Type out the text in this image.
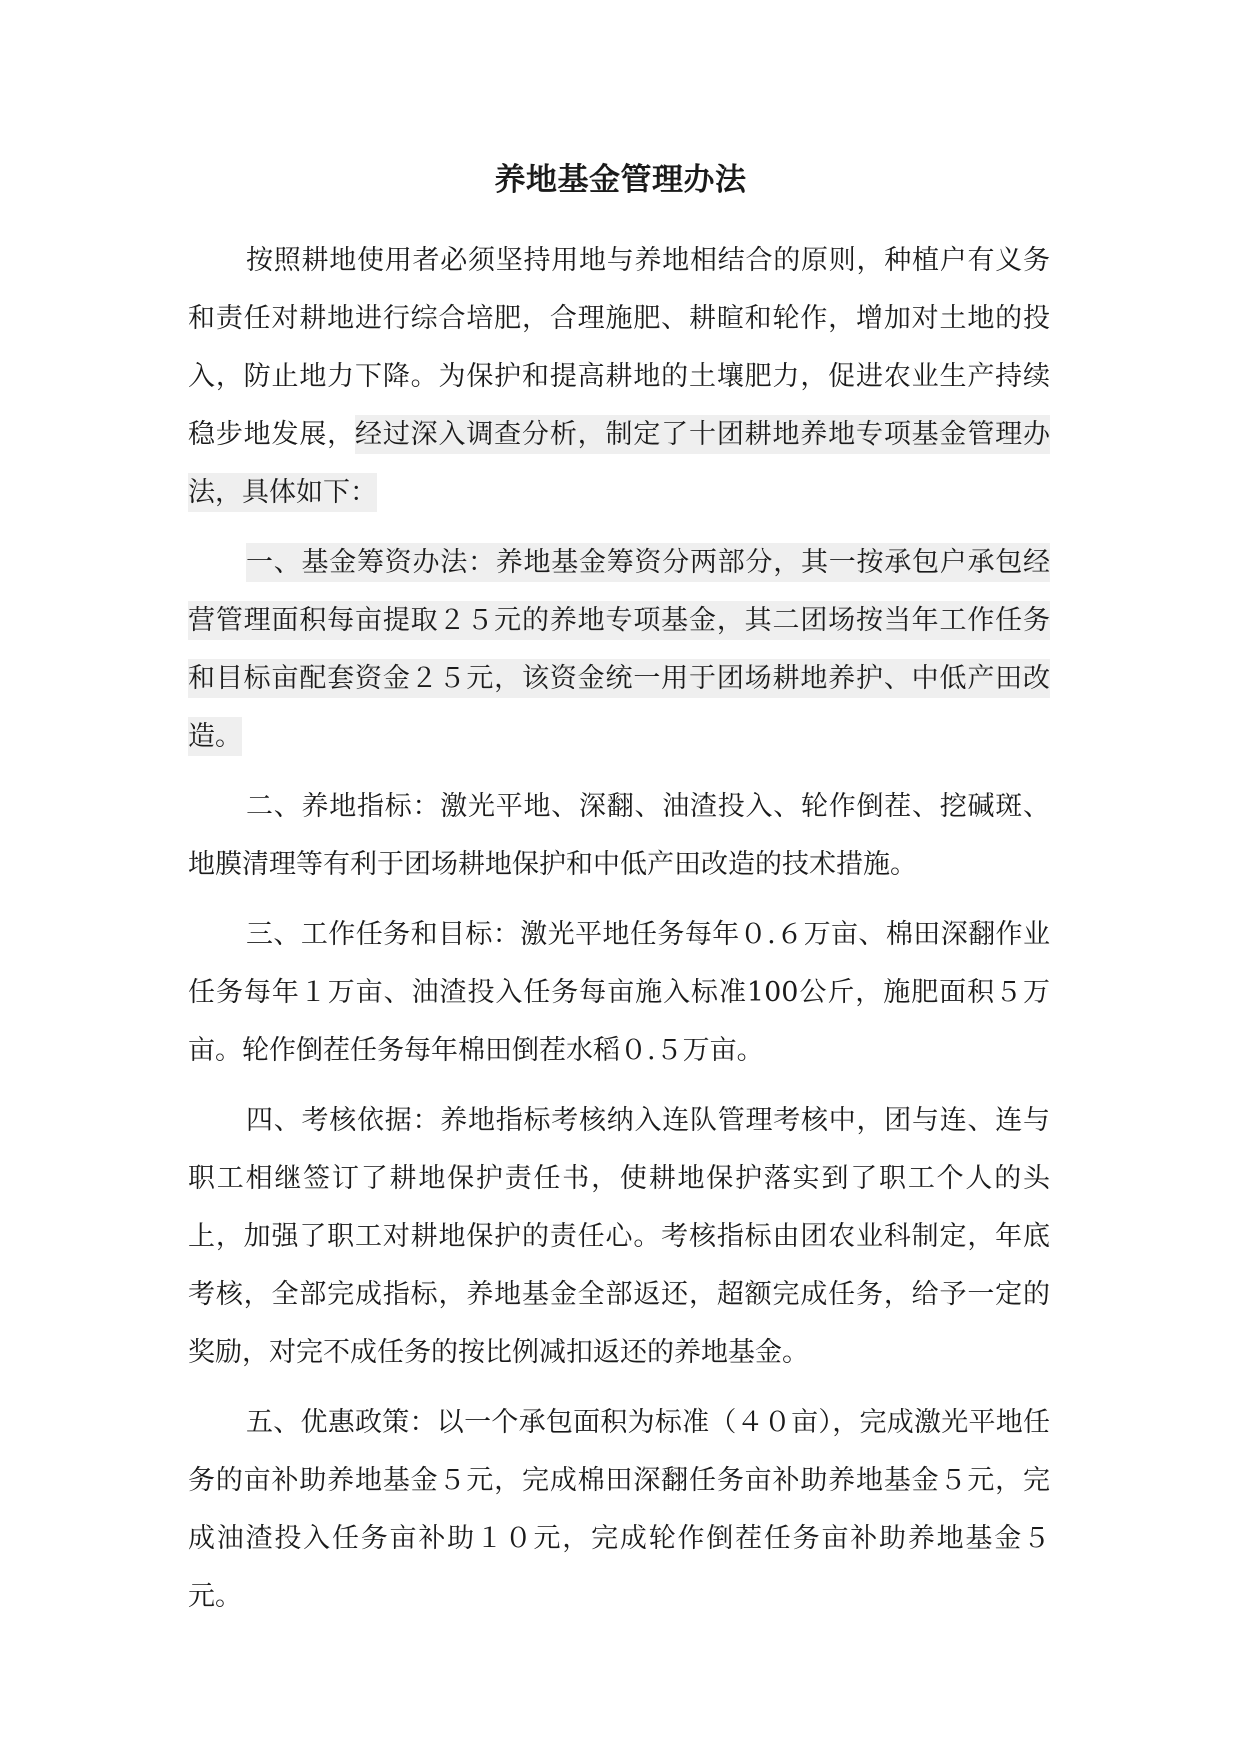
养地基金管理办法

按照耕地使用者必须坚持用地与养地相结合的原则，种植户有义务和责任对耕地进行综合培肥，合理施肥、耕暄和轮作，增加对土地的投入，防止地力下降。为保护和提高耕地的土壤肥力，促进农业生产持续稳步地发展，经过深入调查分析，制定了十团耕地养地专项基金管理办法，具体如下：

一、基金筹资办法：养地基金筹资分两部分，其一按承包户承包经营管理面积每亩提取２５元的养地专项基金，其二团场按当年工作任务和目标亩配套资金２５元，该资金统一用于团场耕地养护、中低产田改造。

二、养地指标：激光平地、深翻、油渣投入、轮作倒茬、挖碱斑、地膜清理等有利于团场耕地保护和中低产田改造的技术措施。

三、工作任务和目标：激光平地任务每年０.６万亩、棉田深翻作业任务每年１万亩、油渣投入任务每亩施入标准100公斤，施肥面积５万亩。轮作倒茬任务每年棉田倒茬水稻０.５万亩。

四、考核依据：养地指标考核纳入连队管理考核中，团与连、连与职工相继签订了耕地保护责任书，使耕地保护落实到了职工个人的头上，加强了职工对耕地保护的责任心。考核指标由团农业科制定，年底考核，全部完成指标，养地基金全部返还，超额完成任务，给予一定的奖励，对完不成任务的按比例减扣返还的养地基金。

五、优惠政策：以一个承包面积为标准（４０亩），完成激光平地任务的亩补助养地基金５元，完成棉田深翻任务亩补助养地基金５元，完成油渣投入任务亩补助１０元，完成轮作倒茬任务亩补助养地基金５元。
